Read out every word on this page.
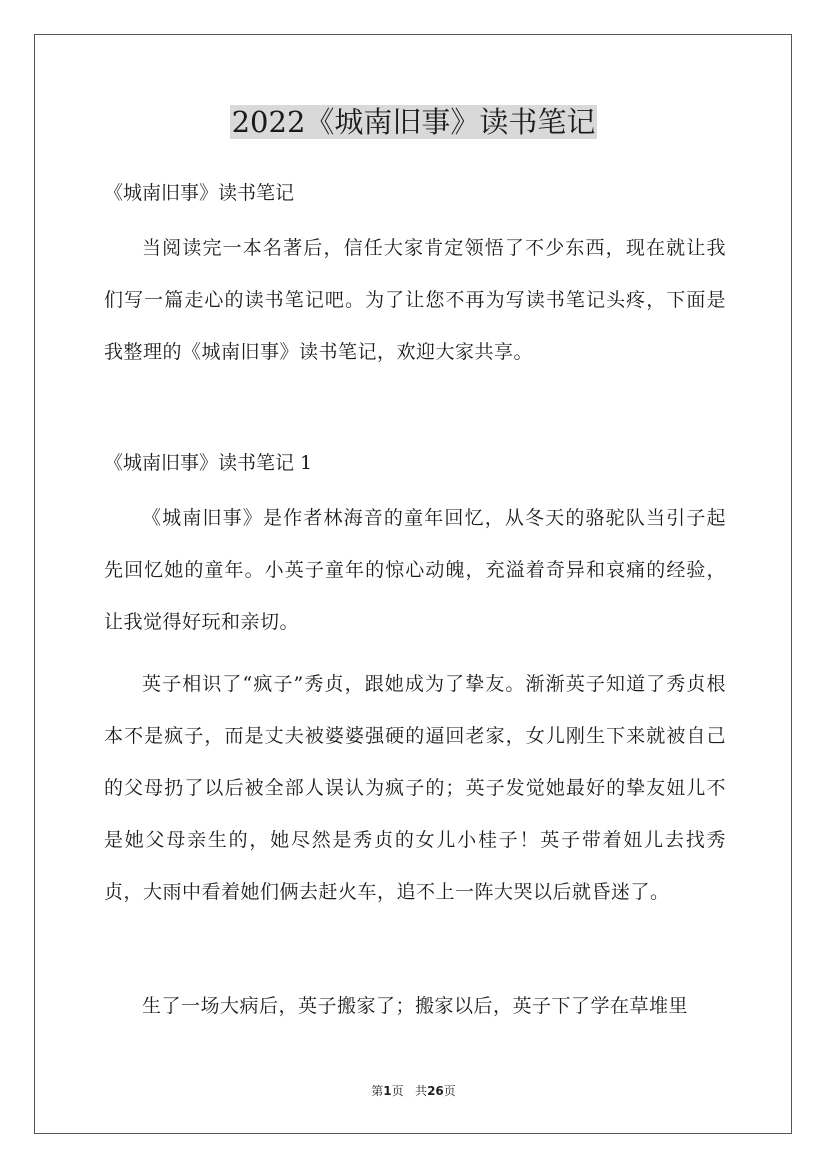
2022《城南旧事》读书笔记

《城南旧事》读书笔记

当阅读完一本名著后，信任大家肯定领悟了不少东西，现在就让我们写一篇走心的读书笔记吧。为了让您不再为写读书笔记头疼，下面是我整理的《城南旧事》读书笔记，欢迎大家共享。

《城南旧事》读书笔记 1

《城南旧事》是作者林海音的童年回忆，从冬天的骆驼队当引子起先回忆她的童年。小英子童年的惊心动魄，充溢着奇异和哀痛的经验，让我觉得好玩和亲切。

英子相识了“疯子”秀贞，跟她成为了挚友。渐渐英子知道了秀贞根本不是疯子，而是丈夫被婆婆强硬的逼回老家，女儿刚生下来就被自己的父母扔了以后被全部人误认为疯子的；英子发觉她最好的挚友妞儿不是她父母亲生的，她尽然是秀贞的女儿小桂子！英子带着妞儿去找秀贞，大雨中看着她们俩去赶火车，追不上一阵大哭以后就昏迷了。

生了一场大病后，英子搬家了；搬家以后，英子下了学在草堆里

第1页 共26页
